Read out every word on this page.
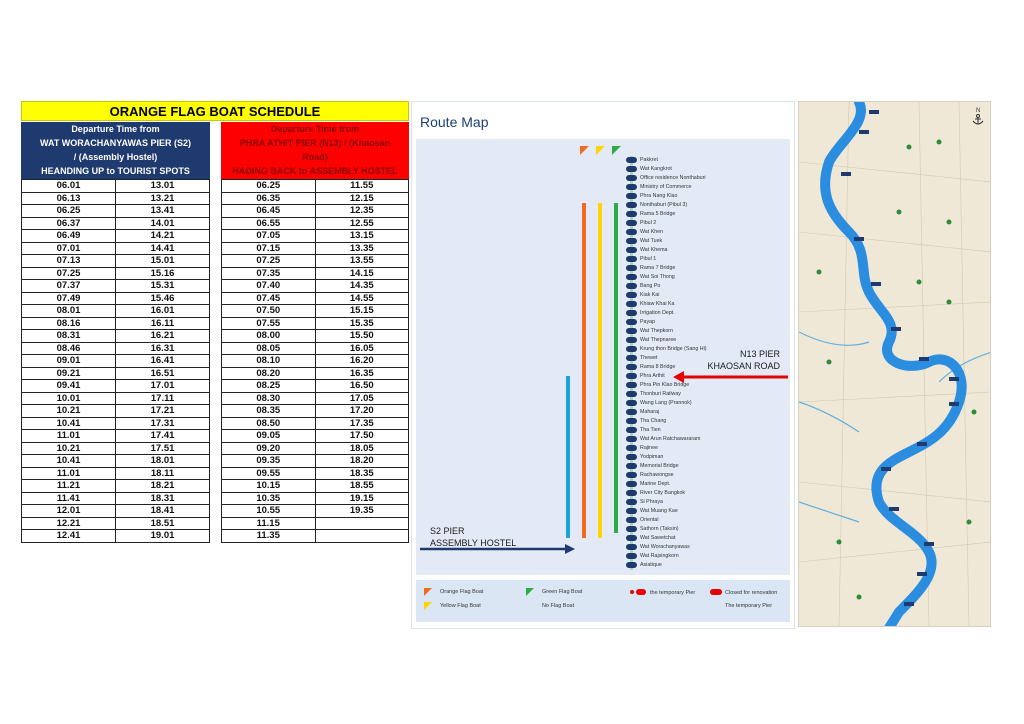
ORANGE FLAG BOAT SCHEDULE
Departure Time from
WAT WORACHANYAWAS PIER (S2)
/ (Assembly Hostel)
HEANDING UP to TOURIST SPOTS
Departure Time from
PHRA ATHIT PIER (N13) / (Khaosan
Road)
HADING BACK to ASSEMBLY HOSTEL
06.01	13.01
06.13	13.21
06.25	13.41
06.37	14.01
06.49	14.21
07.01	14.41
07.13	15.01
07.25	15.16
07.37	15.31
07.49	15.46
08.01	16.01
08.16	16.11
08.31	16.21
08.46	16.31
09.01	16.41
09.21	16.51
09.41	17.01
10.01	17.11
10.21	17.21
10.41	17.31
11.01	17.41
10.21	17.51
10.41	18.01
11.01	18.11
11.21	18.21
11.41	18.31
12.01	18.41
12.21	18.51
12.41	19.01
06.25	11.55
06.35	12.15
06.45	12.35
06.55	12.55
07.05	13.15
07.15	13.35
07.25	13.55
07.35	14.15
07.40	14.35
07.45	14.55
07.50	15.15
07.55	15.35
08.00	15.50
08.05	16.05
08.10	16.20
08.20	16.35
08.25	16.50
08.30	17.05
08.35	17.20
08.50	17.35
09.05	17.50
09.20	18.05
09.35	18.20
09.55	18.35
10.15	18.55
10.35	19.15
10.55	19.35
11.15	
11.35	
Route Map
Pakkret
Wat Kangkrot
Office residence Nonthaburi
Ministry of Commerce
Phra Nang Klao
Nonthaburi (Pibul 3)
Rama 5 Bridge
Pibul 2
Wat Khen
Wat Tuek
Wat Khema
Pibul 1
Rama 7 Bridge
Wat Soi Thong
Bang Po
Kiak Kai
Khiaw Khai Ka
Irrigation Dept.
Payap
Wat Thepkorn
Wat Thepnaree
Krung thon Bridge (Sang Hi)
Thewet
Rama 8 Bridge
Phra Arthit
Phra Pin Klao Bridge
Thonburi Railway
Wang Lang (Prannok)
Maharaj
Tha Chang
Tha Tien
Wat Arun Ratchawararam
Rajinee
Yodpiman
Memorial Bridge
Rachawongse
Marine Dept.
River City Bangkok
Si Phraya
Wat Muang Kae
Oriental
Sathorn (Taksin)
Wat Sawetchat
Wat Worachanyawas
Wat Rajsingkorn
Asiatique
N13 PIER
KHAOSAN ROAD
S2 PIER
ASSEMBLY HOSTEL
Orange Flag Boat
Yellow Flag Boat
Green Flag Boat
No Flag Boat
the temporary Pier	Closed for renovation
The temporary Pier
N
